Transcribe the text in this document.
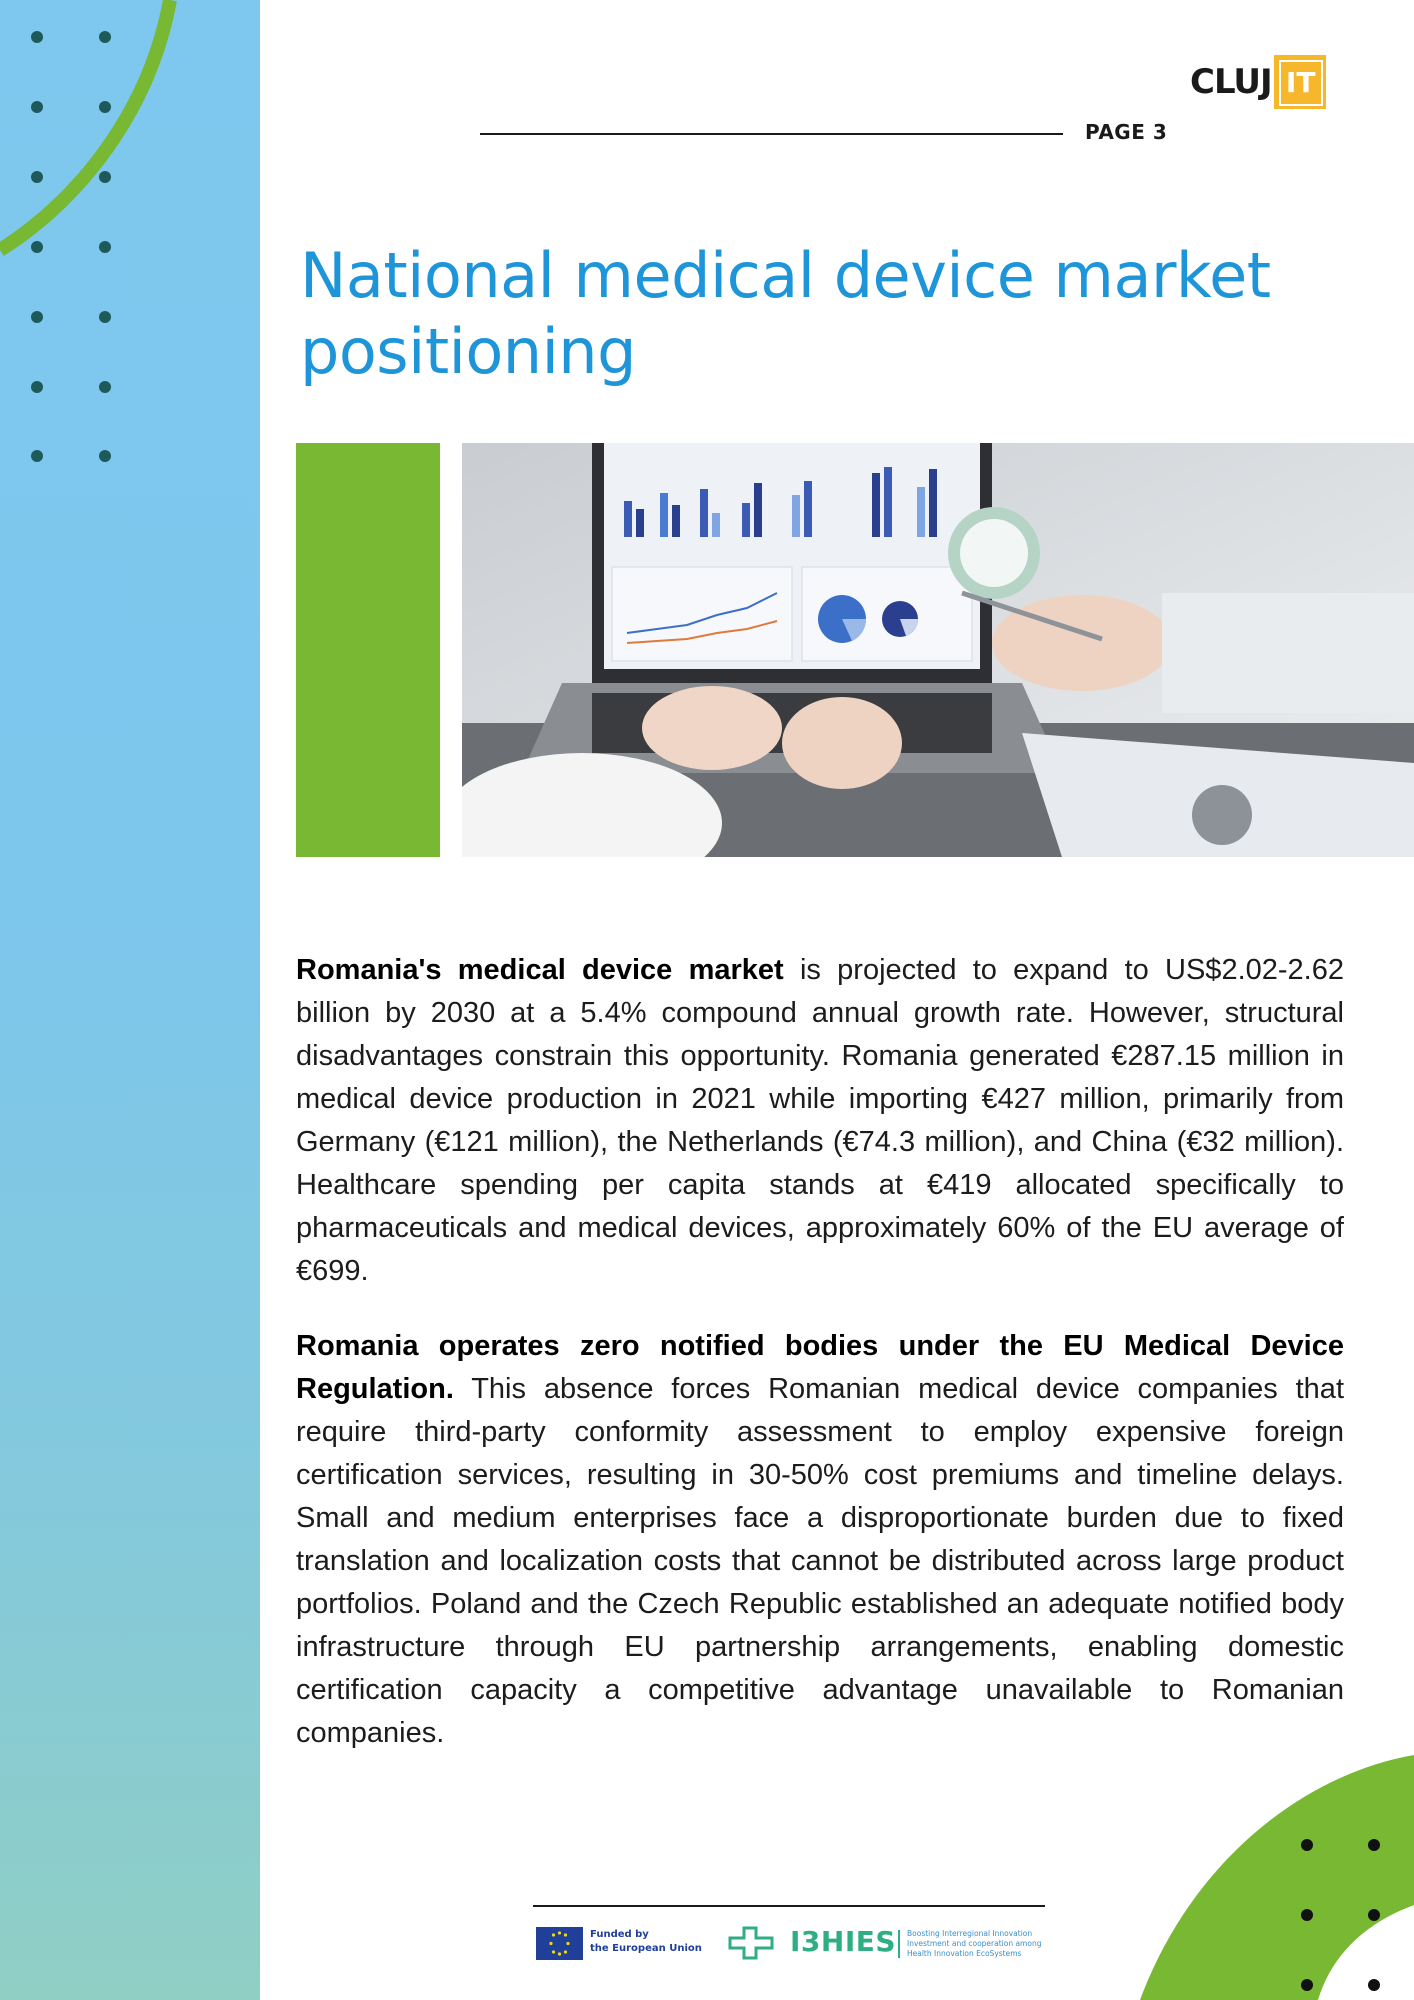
CLUJ IT
PAGE 3
National medical device market positioning

Romania's medical device market is projected to expand to US$2.02-2.62 billion by 2030 at a 5.4% compound annual growth rate. However, structural disadvantages constrain this opportunity. Romania generated €287.15 million in medical device production in 2021 while importing €427 million, primarily from Germany (€121 million), the Netherlands (€74.3 million), and China (€32 million). Healthcare spending per capita stands at €419 allocated specifically to pharmaceuticals and medical devices, approximately 60% of the EU average of €699.

Romania operates zero notified bodies under the EU Medical Device Regulation. This absence forces Romanian medical device companies that require third-party conformity assessment to employ expensive foreign certification services, resulting in 30-50% cost premiums and timeline delays. Small and medium enterprises face a disproportionate burden due to fixed translation and localization costs that cannot be distributed across large product portfolios. Poland and the Czech Republic established an adequate notified body infrastructure through EU partnership arrangements, enabling domestic certification capacity a competitive advantage unavailable to Romanian companies.

Funded by
the European Union	I3HIES Boosting Interregional Innovation Investment and cooperation among Health Innovation EcoSystems
